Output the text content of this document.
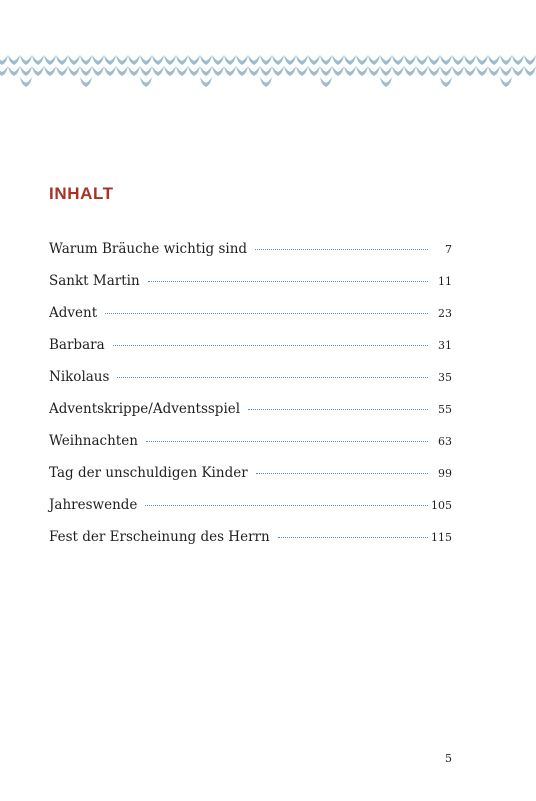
INHALT
Warum Bräuche wichtig sind	7
Sankt Martin	11
Advent	23
Barbara	31
Nikolaus	35
Adventskrippe/Adventsspiel	55
Weihnachten	63
Tag der unschuldigen Kinder	99
Jahreswende	105
Fest der Erscheinung des Herrn	115
5
